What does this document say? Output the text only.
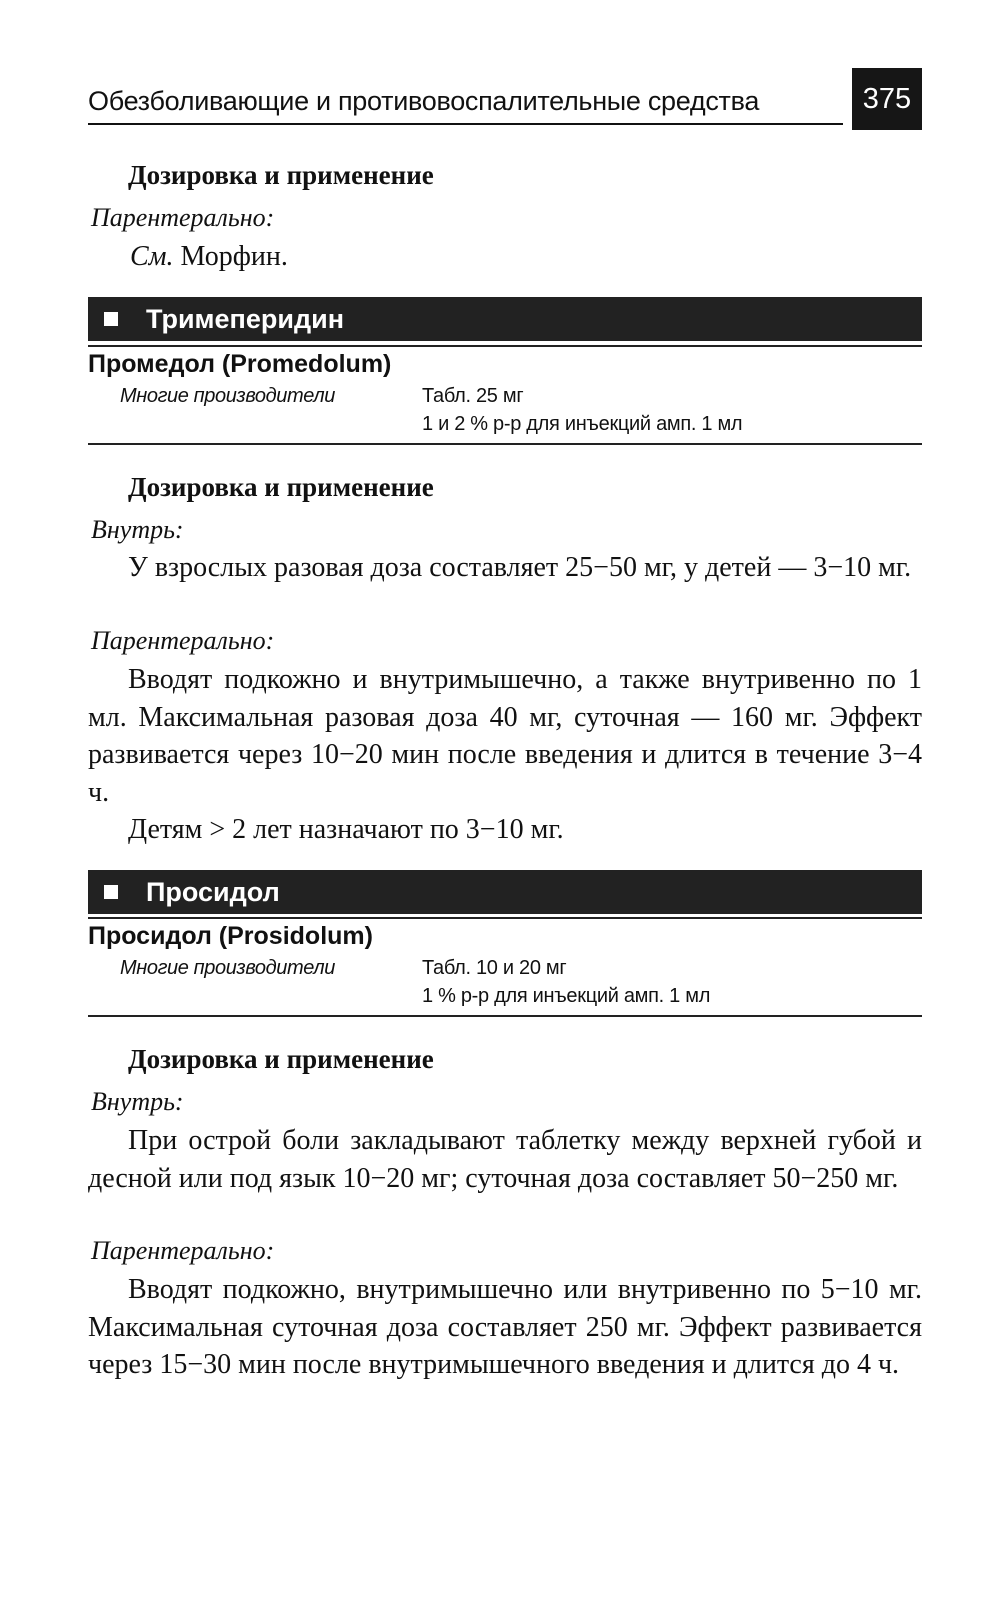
Обезболивающие и противовоспалительные средства	375
Дозировка и применение
Парентерально:
См. Морфин.
Тримеперидин
Промедол (Promedolum)
Многие производители	Табл. 25 мг
1 и 2 % р-р для инъекций амп. 1 мл
Дозировка и применение
Внутрь:

У взрослых разовая доза составляет 25−50 мг, у детей — 3−10 мг.

Парентерально:

Вводят подкожно и внутримышечно, а также внутривенно по 1 мл. Максимальная разовая доза 40 мг, суточная — 160 мг. Эффект развивается через 10−20 мин после введения и длится в течение 3−4 ч.

Детям > 2 лет назначают по 3−10 мг.

Просидол
Просидол (Prosidolum)
Многие производители	Табл. 10 и 20 мг
1 % р-р для инъекций амп. 1 мл
Дозировка и применение
Внутрь:

При острой боли закладывают таблетку между верхней губой и десной или под язык 10−20 мг; суточная доза составляет 50−250 мг.

Парентерально:

Вводят подкожно, внутримышечно или внутривенно по 5−10 мг. Максимальная суточная доза составляет 250 мг. Эффект развивается через 15−30 мин после внутримышечного введения и длится до 4 ч.
